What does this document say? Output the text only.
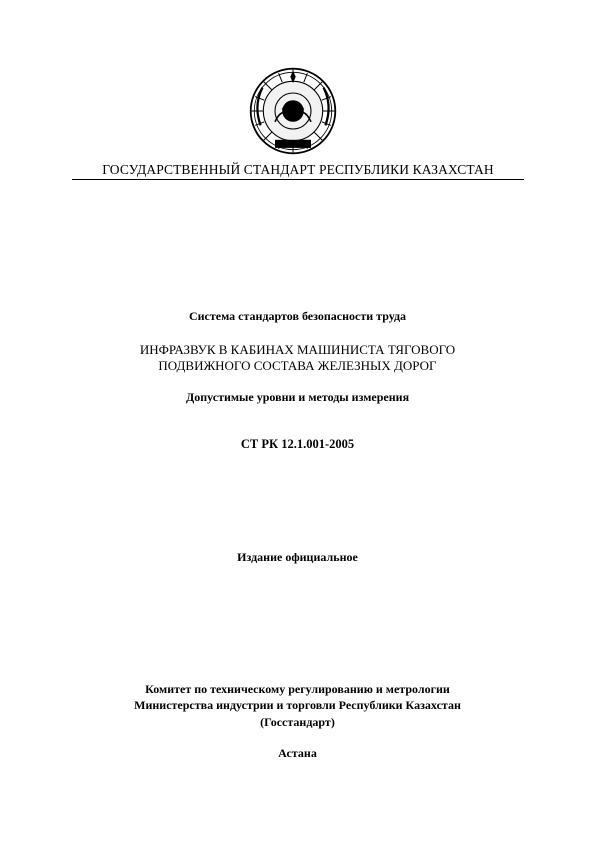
ГОСУДАРСТВЕННЫЙ СТАНДАРТ РЕСПУБЛИКИ КАЗАХСТАН
Система стандартов безопасности труда
ИНФРАЗВУК В КАБИНАХ МАШИНИСТА ТЯГОВОГО
ПОДВИЖНОГО СОСТАВА ЖЕЛЕЗНЫХ ДОРОГ
Допустимые уровни и методы измерения
СТ РК 12.1.001-2005
Издание официальное
Комитет по техническому регулированию и метрологии
Министерства индустрии и торговли Республики Казахстан
(Госстандарт)
Астана
